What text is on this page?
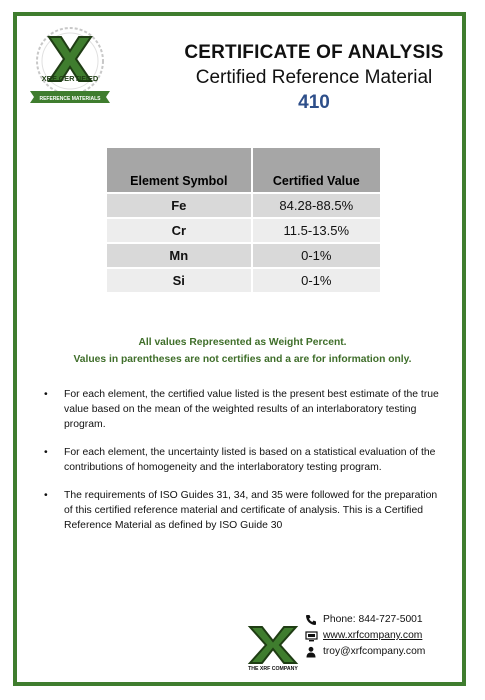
XRF CERTIFIED
REFERENCE MATERIALS
CERTIFICATE OF ANALYSIS
Certified Reference Material
410
Element Symbol	Certified Value
Fe	84.28-88.5%
Cr	11.5-13.5%
Mn	0-1%
Si	0-1%
All values Represented as Weight Percent.
Values in parentheses are not certifies and a are for information only.
• For each element, the certified value listed is the present best estimate of the true value based on the mean of the weighted results of an interlaboratory testing program.
• For each element, the uncertainty listed is based on a statistical evaluation of the contributions of homogeneity and the interlaboratory testing program.
• The requirements of ISO Guides 31, 34, and 35 were followed for the preparation of this certified reference material and certificate of analysis. This is a Certified Reference Material as defined by ISO Guide 30
THE XRF COMPANY
Phone: 844-727-5001
www.xrfcompany.com
troy@xrfcompany.com
